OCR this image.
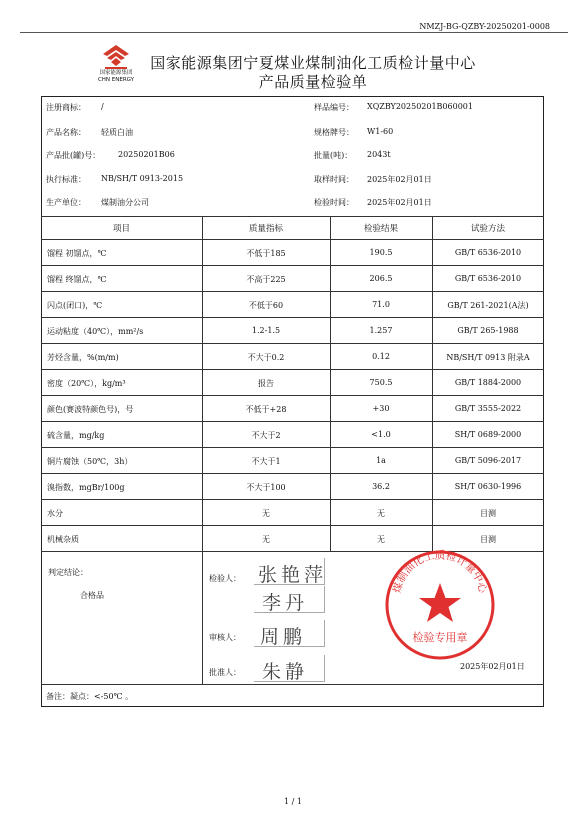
NMZJ-BG-QZBY-20250201-0008
国家能源集团
CHN ENERGY
国家能源集团宁夏煤业煤制油化工质检计量中心
产品质量检验单
注册商标： /	样品编号： XQZBY20250201B060001
产品名称： 轻质白油	规格牌号： W1-60
产品批(罐)号： 20250201B06	批量(吨)： 2043t
执行标准： NB/SH/T 0913-2015	取样时间： 2025年02月01日
生产单位： 煤制油分公司	检验时间： 2025年02月01日
项目	质量指标	检验结果	试验方法
馏程 初馏点，℃	不低于185	190.5	GB/T 6536-2010
馏程 终馏点，℃	不高于225	206.5	GB/T 6536-2010
闪点(闭口)，℃	不低于60	71.0	GB/T 261-2021(A法)
运动粘度（40℃），mm²/s	1.2-1.5	1.257	GB/T 265-1988
芳烃含量，%(m/m)	不大于0.2	0.12	NB/SH/T 0913 附录A
密度（20℃），kg/m³	报告	750.5	GB/T 1884-2000
颜色(赛波特颜色号)，号	不低于+28	+30	GB/T 3555-2022
硫含量，mg/kg	不大于2	<1.0	SH/T 0689-2000
铜片腐蚀（50℃，3h）	不大于1	1a	GB/T 5096-2017
溴指数，mgBr/100g	不大于100	36.2	SH/T 0630-1996
水分	无	无	目测
机械杂质	无	无	目测
判定结论：
合格品
检验人： 张艳萍
李丹
审核人： 周鹏
批准人： 朱静
煤制油化工质检计量中心
检验专用章
2025年02月01日
备注：凝点：<-50℃ 。
1 / 1
